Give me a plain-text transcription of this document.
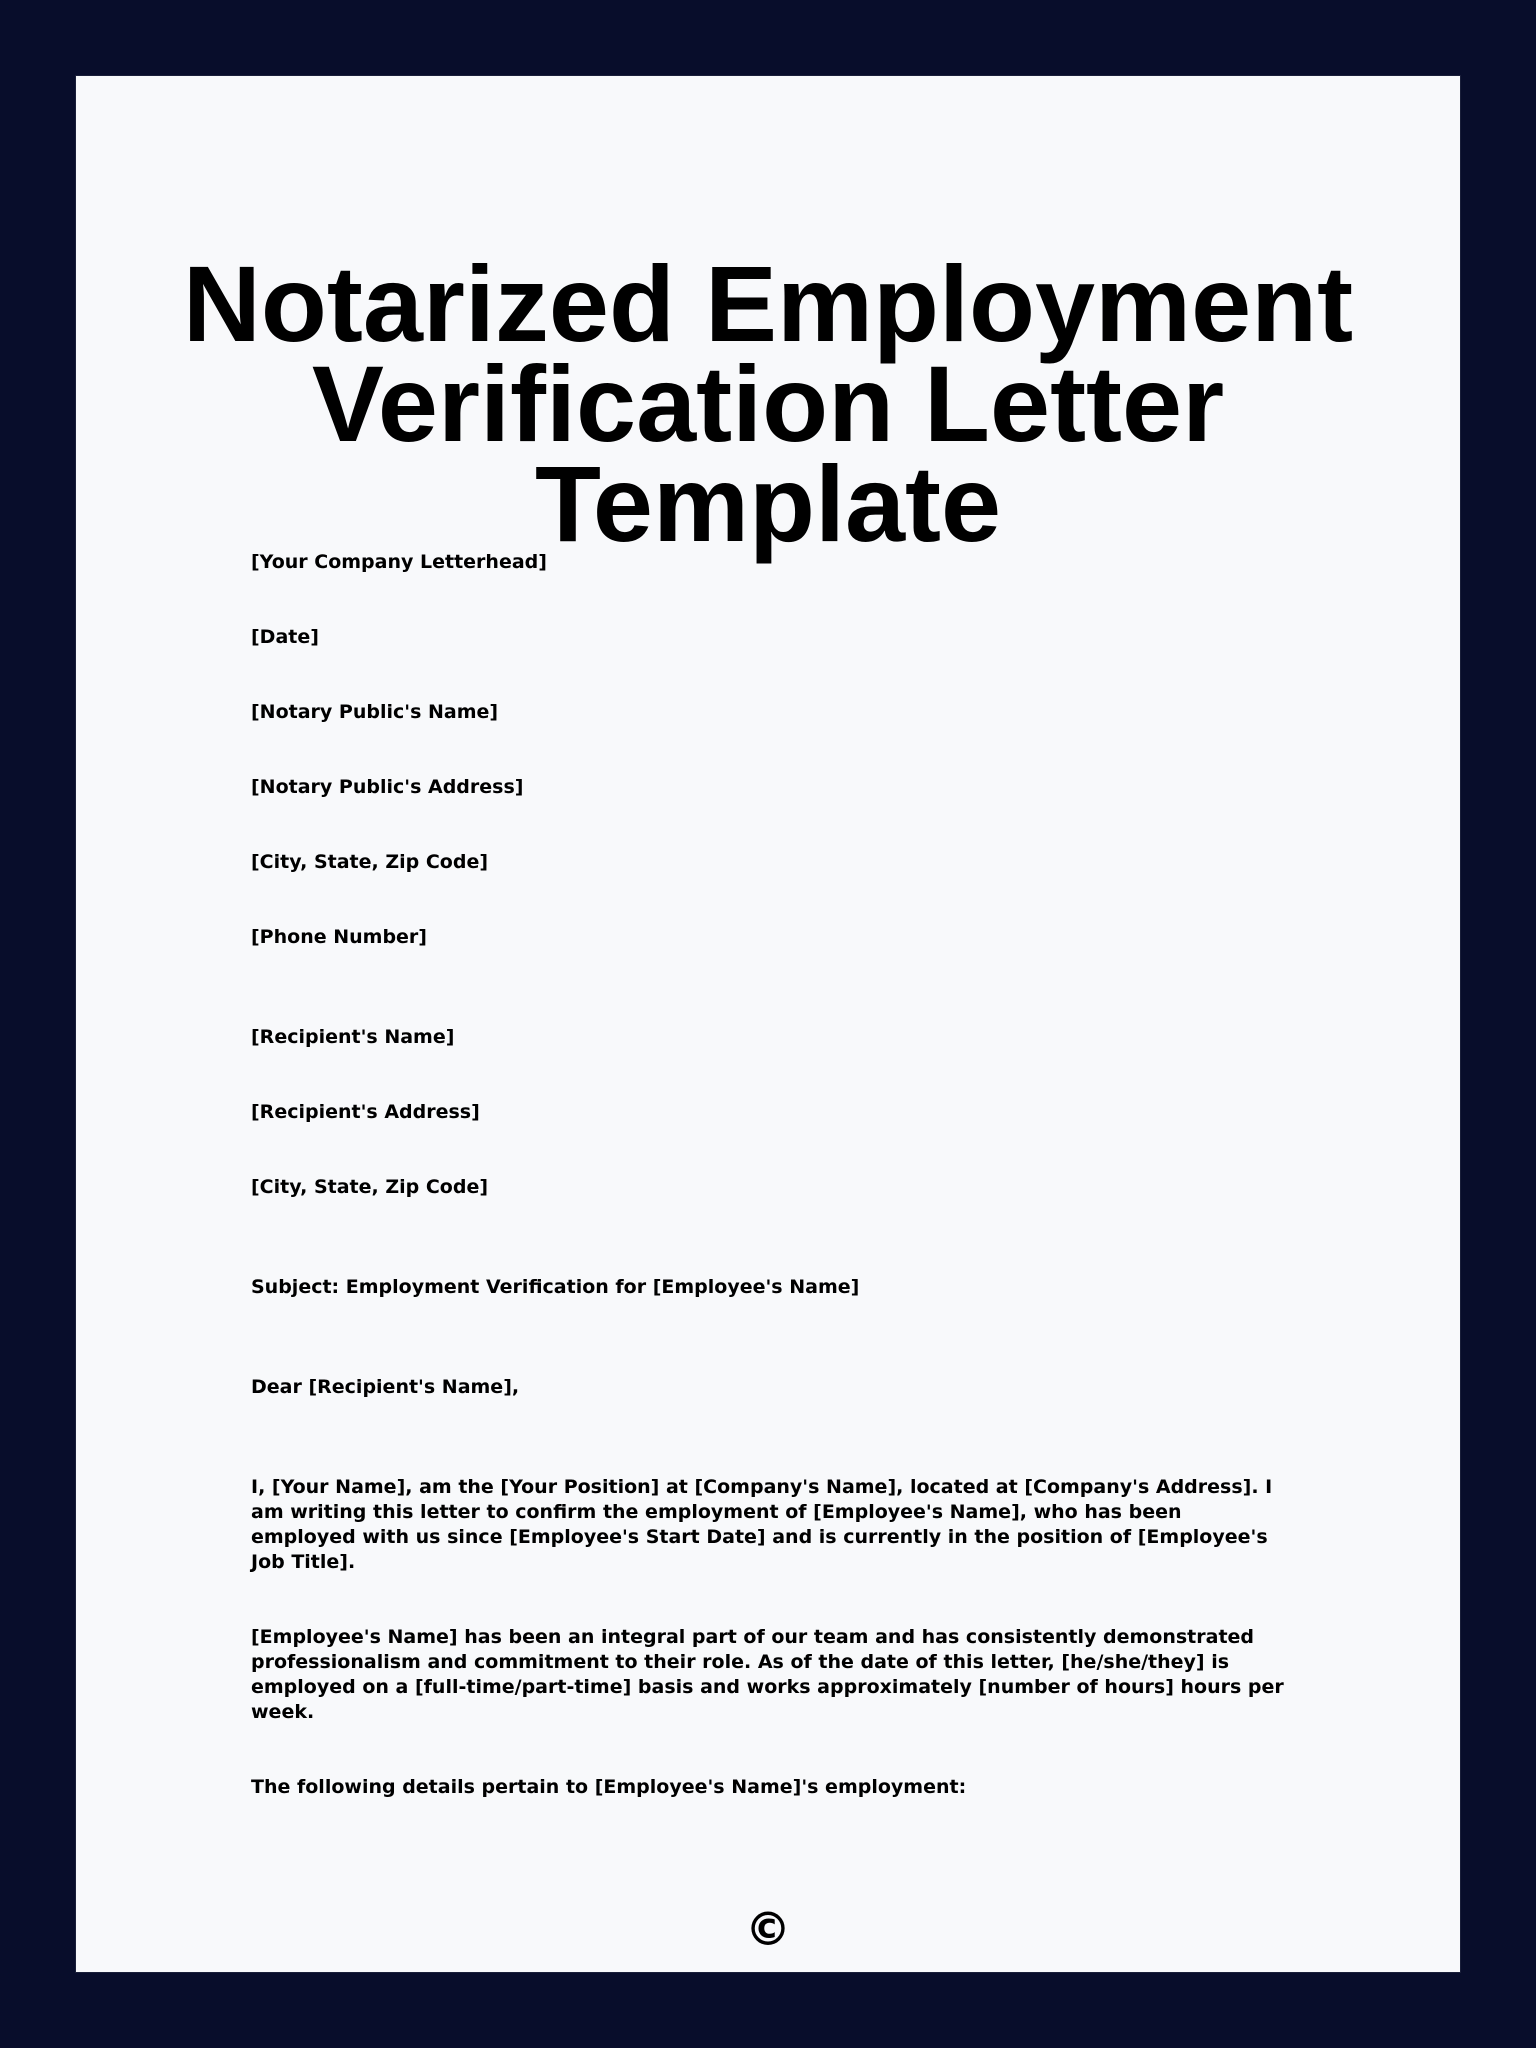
Notarized Employment
Verification Letter Template

[Your Company Letterhead]

[Date]

[Notary Public's Name]

[Notary Public's Address]

[City, State, Zip Code]

[Phone Number]

[Recipient's Name]

[Recipient's Address]

[City, State, Zip Code]

Subject: Employment Verification for [Employee's Name]

Dear [Recipient's Name],

I, [Your Name], am the [Your Position] at [Company's Name], located at [Company's Address]. I am writing this letter to confirm the employment of [Employee's Name], who has been employed with us since [Employee's Start Date] and is currently in the position of [Employee's Job Title].

[Employee's Name] has been an integral part of our team and has consistently demonstrated professionalism and commitment to their role. As of the date of this letter, [he/she/they] is employed on a [full-time/part-time] basis and works approximately [number of hours] hours per week.

The following details pertain to [Employee's Name]'s employment:

©
